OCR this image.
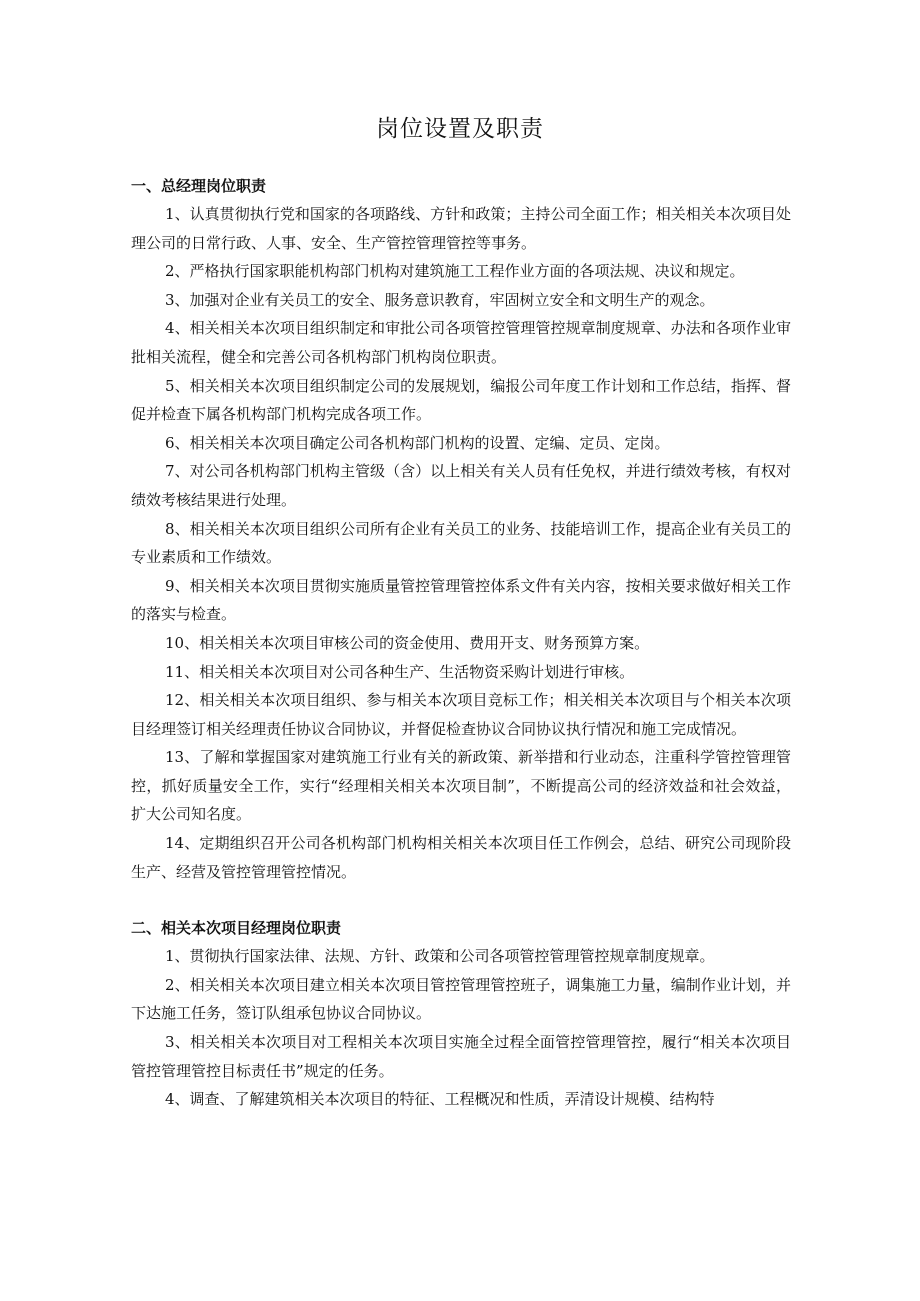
岗位设置及职责
一、总经理岗位职责

1、认真贯彻执行党和国家的各项路线、方针和政策；主持公司全面工作；相关相关本次项目处理公司的日常行政、人事、安全、生产管控管理管控等事务。

2、严格执行国家职能机构部门机构对建筑施工工程作业方面的各项法规、决议和规定。

3、加强对企业有关员工的安全、服务意识教育，牢固树立安全和文明生产的观念。

4、相关相关本次项目组织制定和审批公司各项管控管理管控规章制度规章、办法和各项作业审批相关流程，健全和完善公司各机构部门机构岗位职责。

5、相关相关本次项目组织制定公司的发展规划，编报公司年度工作计划和工作总结，指挥、督促并检查下属各机构部门机构完成各项工作。

6、相关相关本次项目确定公司各机构部门机构的设置、定编、定员、定岗。

7、对公司各机构部门机构主管级（含）以上相关有关人员有任免权，并进行绩效考核，有权对绩效考核结果进行处理。

8、相关相关本次项目组织公司所有企业有关员工的业务、技能培训工作，提高企业有关员工的专业素质和工作绩效。

9、相关相关本次项目贯彻实施质量管控管理管控体系文件有关内容，按相关要求做好相关工作的落实与检查。

10、相关相关本次项目审核公司的资金使用、费用开支、财务预算方案。

11、相关相关本次项目对公司各种生产、生活物资采购计划进行审核。

12、相关相关本次项目组织、参与相关本次项目竞标工作；相关相关本次项目与个相关本次项目经理签订相关经理责任协议合同协议，并督促检查协议合同协议执行情况和施工完成情况。

13、了解和掌握国家对建筑施工行业有关的新政策、新举措和行业动态，注重科学管控管理管控，抓好质量安全工作，实行“经理相关相关本次项目制”，不断提高公司的经济效益和社会效益，扩大公司知名度。

14、定期组织召开公司各机构部门机构相关相关本次项目任工作例会，总结、研究公司现阶段生产、经营及管控管理管控情况。

二、相关本次项目经理岗位职责

1、贯彻执行国家法律、法规、方针、政策和公司各项管控管理管控规章制度规章。

2、相关相关本次项目建立相关本次项目管控管理管控班子，调集施工力量，编制作业计划，并下达施工任务，签订队组承包协议合同协议。

3、相关相关本次项目对工程相关本次项目实施全过程全面管控管理管控，履行“相关本次项目管控管理管控目标责任书”规定的任务。

4、调查、了解建筑相关本次项目的特征、工程概况和性质，弄清设计规模、结构特
